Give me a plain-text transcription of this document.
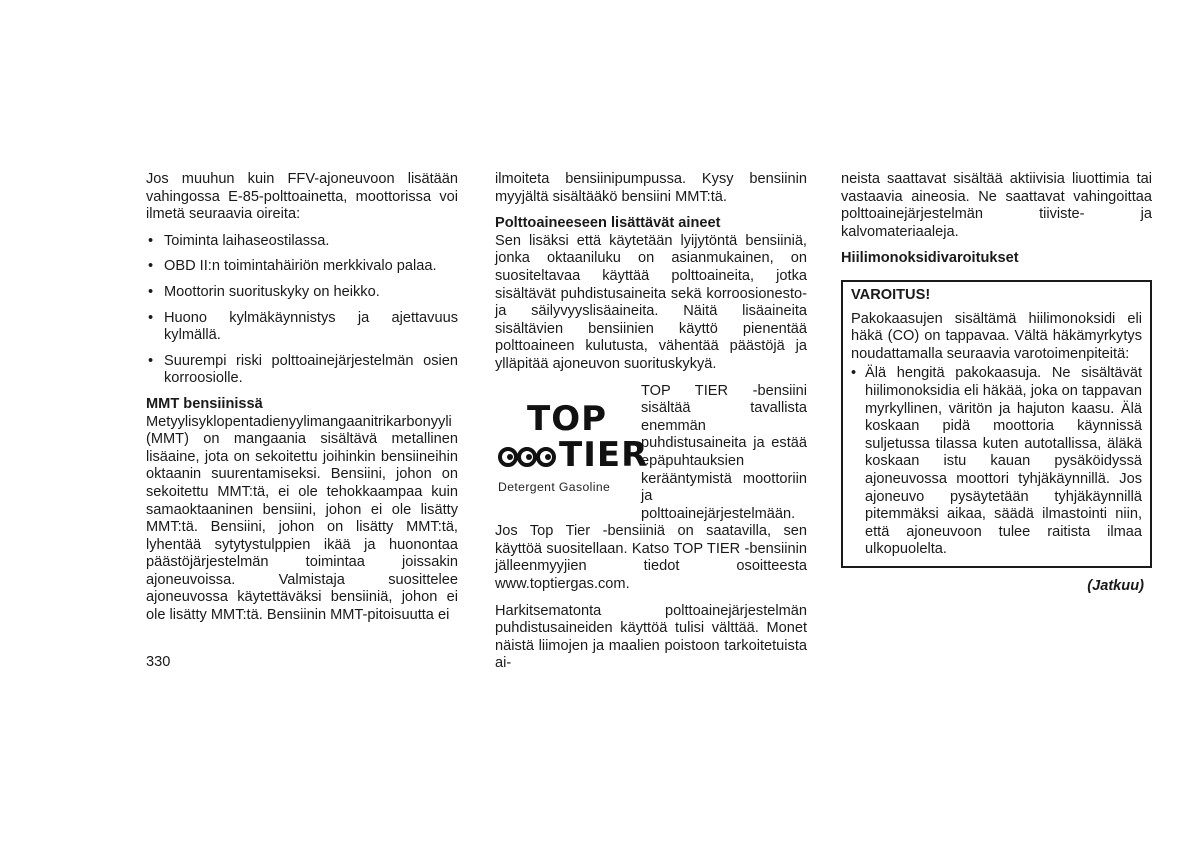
Jos muuhun kuin FFV-ajoneuvoon lisätään vahingossa E-85-polttoainetta, moottorissa voi ilmetä seuraavia oireita:

• Toiminta laihaseostilassa.
• OBD II:n toimintahäiriön merkkivalo palaa.
• Moottorin suorituskyky on heikko.
• Huono kylmäkäynnistys ja ajettavuus kylmällä.
• Suurempi riski polttoainejärjestelmän osien korroosiolle.

MMT bensiinissä

Metyylisyklopentadienyylimangaanitrikarbonyyli (MMT) on mangaania sisältävä metallinen lisäaine, jota on sekoitettu joihinkin bensiineihin oktaanin suurentamiseksi. Bensiini, johon on sekoitettu MMT:tä, ei ole tehokkaampaa kuin samaoktaaninen bensiini, johon ei ole lisätty MMT:tä. Bensiini, johon on lisätty MMT:tä, lyhentää sytytystulppien ikää ja huonontaa päästöjärjestelmän toimintaa joissakin ajoneuvoissa. Valmistaja suosittelee ajoneuvossa käytettäväksi bensiiniä, johon ei ole lisätty MMT:tä. Bensiinin MMT-pitoisuutta ei

ilmoiteta bensiinipumpussa. Kysy bensiinin myyjältä sisältääkö bensiini MMT:tä.

Polttoaineeseen lisättävät aineet

Sen lisäksi että käytetään lyijytöntä bensiiniä, jonka oktaaniluku on asianmukainen, on suositeltavaa käyttää polttoaineita, jotka sisältävät puhdistusaineita sekä korroosionesto- ja säilyvyyslisäaineita. Näitä lisäaineita sisältävien bensiinien käyttö pienentää polttoaineen kulutusta, vähentää päästöjä ja ylläpitää ajoneuvon suorituskykyä.

TOP
TIER
Detergent Gasoline

TOP TIER -bensiini sisältää tavallista enemmän puhdistusaineita ja estää epäpuhtauksien kerääntymistä moottoriin ja polttoainejärjestelmään. Jos Top Tier -bensiiniä on saatavilla, sen käyttöä suositellaan. Katso TOP TIER -bensiinin jälleenmyyjien tiedot osoitteesta www.toptiergas.com.

Harkitsematonta polttoainejärjestelmän puhdistusaineiden käyttöä tulisi välttää. Monet näistä liimojen ja maalien poistoon tarkoitetuista ai-

neista saattavat sisältää aktiivisia liuottimia tai vastaavia aineosia. Ne saattavat vahingoittaa polttoainejärjestelmän tiiviste- ja kalvomateriaaleja.

Hiilimonoksidivaroitukset

VAROITUS!

Pakokaasujen sisältämä hiilimonoksidi eli häkä (CO) on tappavaa. Vältä häkämyrkytys noudattamalla seuraavia varotoimenpiteitä:

• Älä hengitä pakokaasuja. Ne sisältävät hiilimonoksidia eli häkää, joka on tappavan myrkyllinen, väritön ja hajuton kaasu. Älä koskaan pidä moottoria käynnissä suljetussa tilassa kuten autotallissa, äläkä koskaan istu kauan pysäköidyssä ajoneuvossa moottori tyhjäkäynnillä. Jos ajoneuvo pysäytetään tyhjäkäynnillä pitemmäksi aikaa, säädä ilmastointi niin, että ajoneuvoon tulee raitista ilmaa ulkopuolelta.

(Jatkuu)

330
